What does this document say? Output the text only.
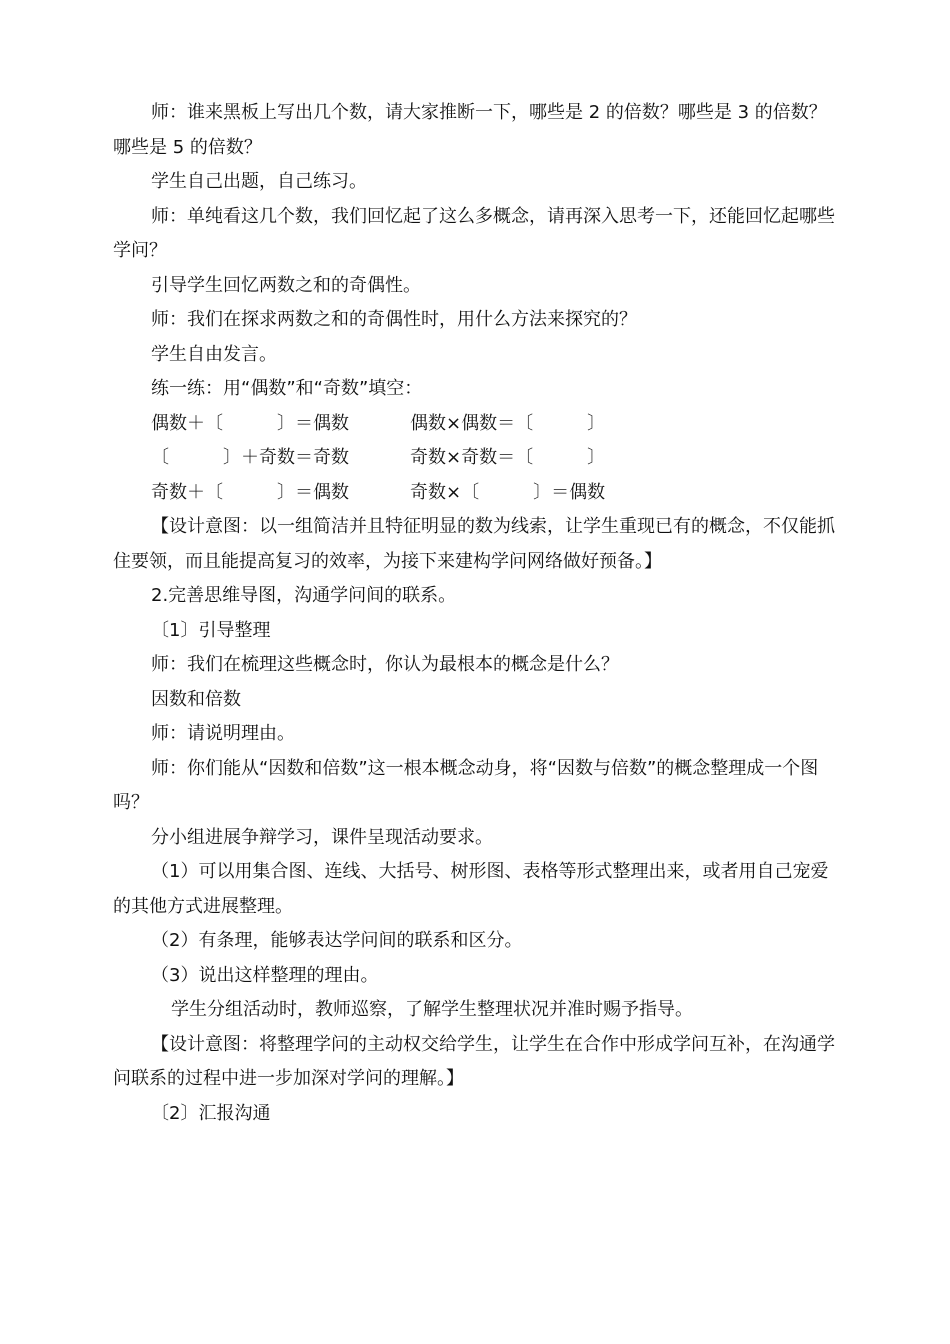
师：谁来黑板上写出几个数，请大家推断一下，哪些是 2 的倍数？哪些是 3 的倍数？哪些是 5 的倍数？

学生自己出题，自己练习。

师：单纯看这几个数，我们回忆起了这么多概念，请再深入思考一下，还能回忆起哪些学问？

引导学生回忆两数之和的奇偶性。

师：我们在探求两数之和的奇偶性时，用什么方法来探究的？

学生自由发言。

练一练：用“偶数”和“奇数”填空：

偶数＋〔　　　〕＝偶数	偶数×偶数＝〔　　　〕
〔　　　〕＋奇数＝奇数	奇数×奇数＝〔　　　〕
奇数＋〔　　　〕＝偶数	奇数×〔　　　〕＝偶数

【设计意图：以一组简洁并且特征明显的数为线索，让学生重现已有的概念，不仅能抓住要领，而且能提高复习的效率，为接下来建构学问网络做好预备。】

2.完善思维导图，沟通学问间的联系。

〔1〕引导整理

师：我们在梳理这些概念时，你认为最根本的概念是什么？

因数和倍数

师：请说明理由。

师：你们能从“因数和倍数”这一根本概念动身，将“因数与倍数”的概念整理成一个图吗？

分小组进展争辩学习，课件呈现活动要求。

（1）可以用集合图、连线、大括号、树形图、表格等形式整理出来，或者用自己宠爱的其他方式进展整理。

（2）有条理，能够表达学问间的联系和区分。

（3）说出这样整理的理由。

学生分组活动时，教师巡察，了解学生整理状况并准时赐予指导。

【设计意图：将整理学问的主动权交给学生，让学生在合作中形成学问互补，在沟通学问联系的过程中进一步加深对学问的理解。】

〔2〕汇报沟通
